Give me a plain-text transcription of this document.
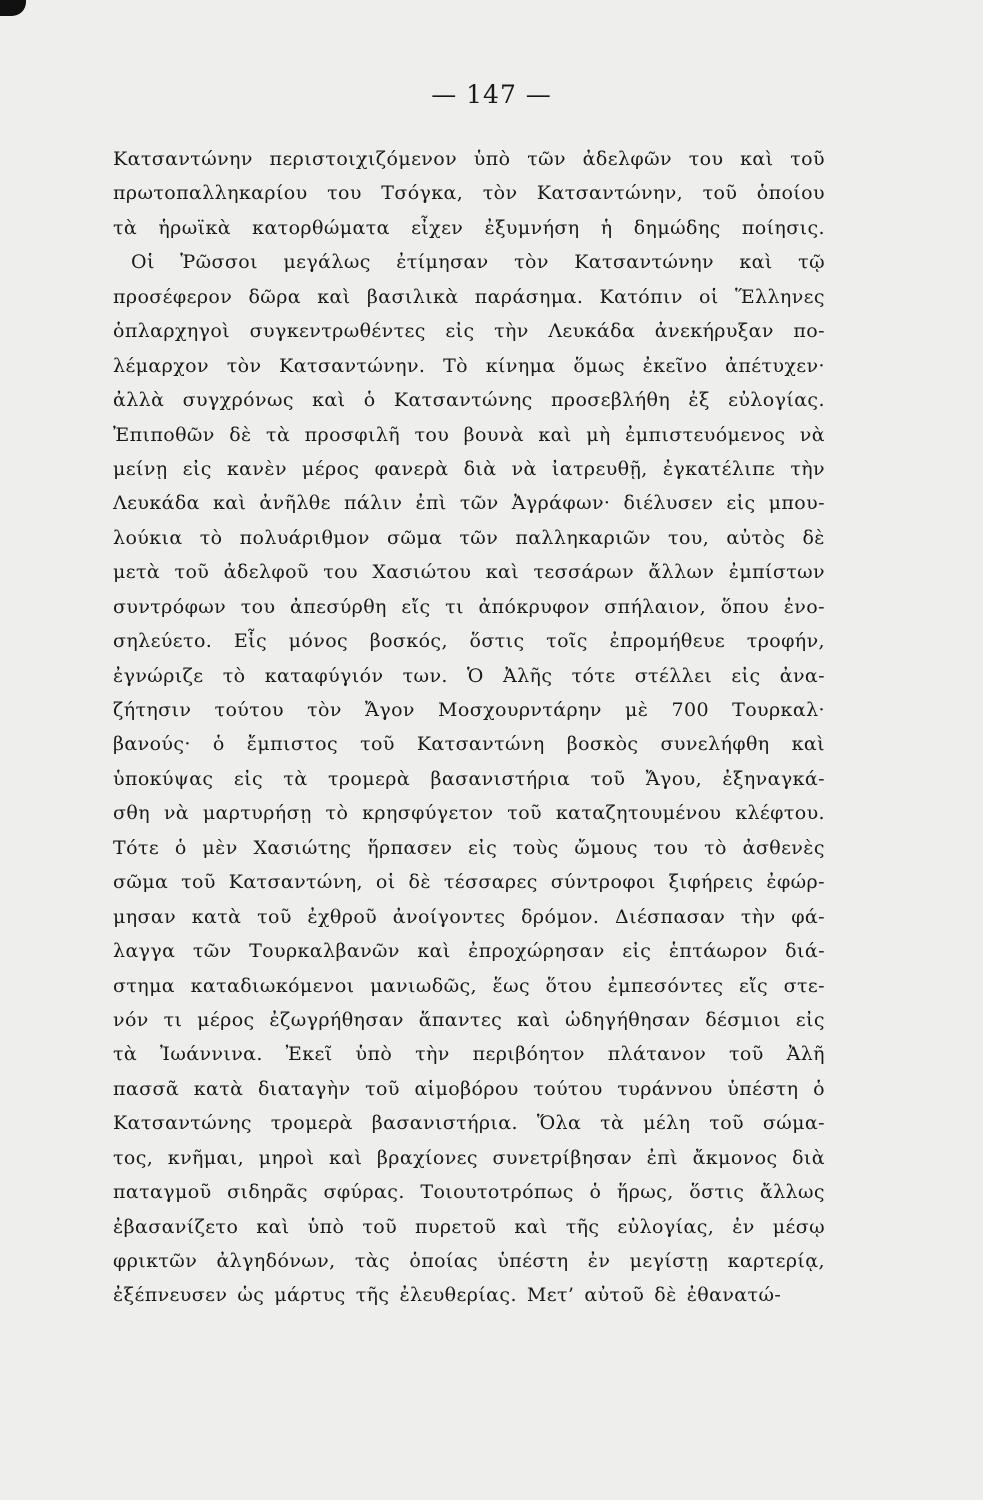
— 147 —
Κατσαντώνην περιστοιχιζόμενον ὑπὸ τῶν ἀδελφῶν του καὶ τοῦ
πρωτοπαλληκαρίου του Τσόγκα, τὸν Κατσαντώνην, τοῦ ὁποίου
τὰ ἡρωϊκὰ κατορθώματα εἶχεν ἐξυμνήση ἡ δημώδης ποίησις.
Οἱ Ῥῶσσοι μεγάλως ἐτίμησαν τὸν Κατσαντώνην καὶ τῷ
προσέφερον δῶρα καὶ βασιλικὰ παράσημα. Κατόπιν οἱ Ἕλληνες
ὁπλαρχηγοὶ συγκεντρωθέντες εἰς τὴν Λευκάδα ἀνεκήρυξαν πο-
λέμαρχον τὸν Κατσαντώνην. Τὸ κίνημα ὅμως ἐκεῖνο ἀπέτυχεν·
ἀλλὰ συγχρόνως καὶ ὁ Κατσαντώνης προσεβλήθη ἐξ εὐλογίας.
Ἐπιποθῶν δὲ τὰ προσφιλῆ του βουνὰ καὶ μὴ ἐμπιστευόμενος νὰ
μείνῃ εἰς κανὲν μέρος φανερὰ διὰ νὰ ἰατρευθῇ, ἐγκατέλιπε τὴν
Λευκάδα καὶ ἀνῆλθε πάλιν ἐπὶ τῶν Ἀγράφων· διέλυσεν εἰς μπου-
λούκια τὸ πολυάριθμον σῶμα τῶν παλληκαριῶν του, αὐτὸς δὲ
μετὰ τοῦ ἀδελφοῦ του Χασιώτου καὶ τεσσάρων ἄλλων ἐμπίστων
συντρόφων του ἀπεσύρθη εἴς τι ἀπόκρυφον σπήλαιον, ὅπου ἐνο-
σηλεύετο. Εἷς μόνος βοσκός, ὅστις τοῖς ἐπρομήθευε τροφήν,
ἐγνώριζε τὸ καταφύγιόν των. Ὁ Ἀλῆς τότε στέλλει εἰς ἀνα-
ζήτησιν τούτου τὸν Ἄγον Μοσχουρντάρην μὲ 700 Τουρκαλ·
βανούς· ὁ ἔμπιστος τοῦ Κατσαντώνη βοσκὸς συνελήφθη καὶ
ὑποκύψας εἰς τὰ τρομερὰ βασανιστήρια τοῦ Ἄγου, ἐξηναγκά-
σθη νὰ μαρτυρήσῃ τὸ κρησφύγετον τοῦ καταζητουμένου κλέφτου.
Τότε ὁ μὲν Χασιώτης ἥρπασεν εἰς τοὺς ὤμους του τὸ ἀσθενὲς
σῶμα τοῦ Κατσαντώνη, οἱ δὲ τέσσαρες σύντροφοι ξιφήρεις ἐφώρ-
μησαν κατὰ τοῦ ἐχθροῦ ἀνοίγοντες δρόμον. Διέσπασαν τὴν φά-
λαγγα τῶν Τουρκαλβανῶν καὶ ἐπροχώρησαν εἰς ἑπτάωρον διά-
στημα καταδιωκόμενοι μανιωδῶς, ἕως ὅτου ἐμπεσόντες εἴς στε-
νόν τι μέρος ἐζωγρήθησαν ἅπαντες καὶ ὡδηγήθησαν δέσμιοι εἰς
τὰ Ἰωάννινα. Ἐκεῖ ὑπὸ τὴν περιβόητον πλάτανον τοῦ Ἀλῆ
πασσᾶ κατὰ διαταγὴν τοῦ αἱμοβόρου τούτου τυράννου ὑπέστη ὁ
Κατσαντώνης τρομερὰ βασανιστήρια. Ὅλα τὰ μέλη τοῦ σώμα-
τος, κνῆμαι, μηροὶ καὶ βραχίονες συνετρίβησαν ἐπὶ ἄκμονος διὰ
παταγμοῦ σιδηρᾶς σφύρας. Τοιουτοτρόπως ὁ ἥρως, ὅστις ἄλλως
ἐβασανίζετο καὶ ὑπὸ τοῦ πυρετοῦ καὶ τῆς εὐλογίας, ἐν μέσῳ
φρικτῶν ἀλγηδόνων, τὰς ὁποίας ὑπέστη ἐν μεγίστῃ καρτερίᾳ,
ἐξέπνευσεν ὡς μάρτυς τῆς ἐλευθερίας. Μετ’ αὐτοῦ δὲ ἐθανατώ-
